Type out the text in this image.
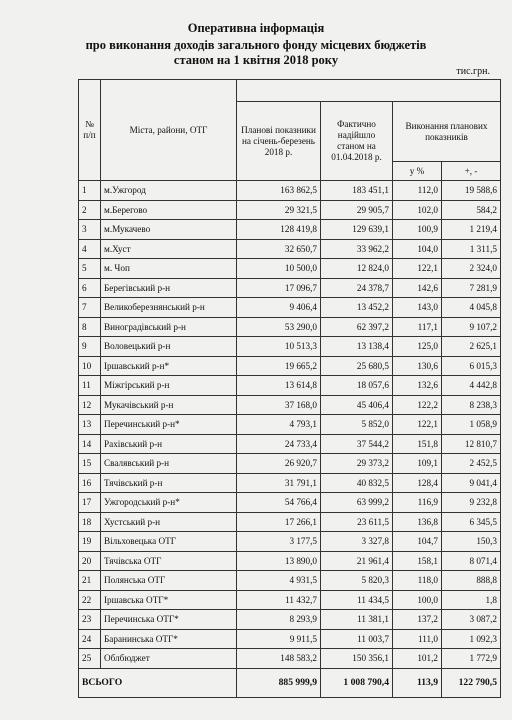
Оперативна інформація
про виконання доходів загального фонду місцевих бюджетів
станом на 1 квітня 2018 року
тис.грн.
№ п/п	Міста, райони, ОТГ				
		Планові показники на січень-березень 2018 р.	Фактично надійшло станом на 01.04.2018 р.	Виконання планових показників	
				у %	+, -
1	м.Ужгород	163 862,5	183 451,1	112,0	19 588,6
2	м.Берегово	29 321,5	29 905,7	102,0	584,2
3	м.Мукачево	128 419,8	129 639,1	100,9	1 219,4
4	м.Хуст	32 650,7	33 962,2	104,0	1 311,5
5	м. Чоп	10 500,0	12 824,0	122,1	2 324,0
6	Берегівський р-н	17 096,7	24 378,7	142,6	7 281,9
7	Великоберезнянський р-н	9 406,4	13 452,2	143,0	4 045,8
8	Виноградівський р-н	53 290,0	62 397,2	117,1	9 107,2
9	Воловецький р-н	10 513,3	13 138,4	125,0	2 625,1
10	Іршавський р-н*	19 665,2	25 680,5	130,6	6 015,3
11	Міжгірський р-н	13 614,8	18 057,6	132,6	4 442,8
12	Мукачівський р-н	37 168,0	45 406,4	122,2	8 238,3
13	Перечинський р-н*	4 793,1	5 852,0	122,1	1 058,9
14	Рахівський р-н	24 733,4	37 544,2	151,8	12 810,7
15	Свалявський р-н	26 920,7	29 373,2	109,1	2 452,5
16	Тячівський р-н	31 791,1	40 832,5	128,4	9 041,4
17	Ужгородський р-н*	54 766,4	63 999,2	116,9	9 232,8
18	Хустський р-н	17 266,1	23 611,5	136,8	6 345,5
19	Вільховецька ОТГ	3 177,5	3 327,8	104,7	150,3
20	Тячівська ОТГ	13 890,0	21 961,4	158,1	8 071,4
21	Полянська ОТГ	4 931,5	5 820,3	118,0	888,8
22	Іршавська ОТГ*	11 432,7	11 434,5	100,0	1,8
23	Перечинська ОТГ*	8 293,9	11 381,1	137,2	3 087,2
24	Баранинська ОТГ*	9 911,5	11 003,7	111,0	1 092,3
25	Облбюджет	148 583,2	150 356,1	101,2	1 772,9
ВСЬОГО		885 999,9	1 008 790,4	113,9	122 790,5
